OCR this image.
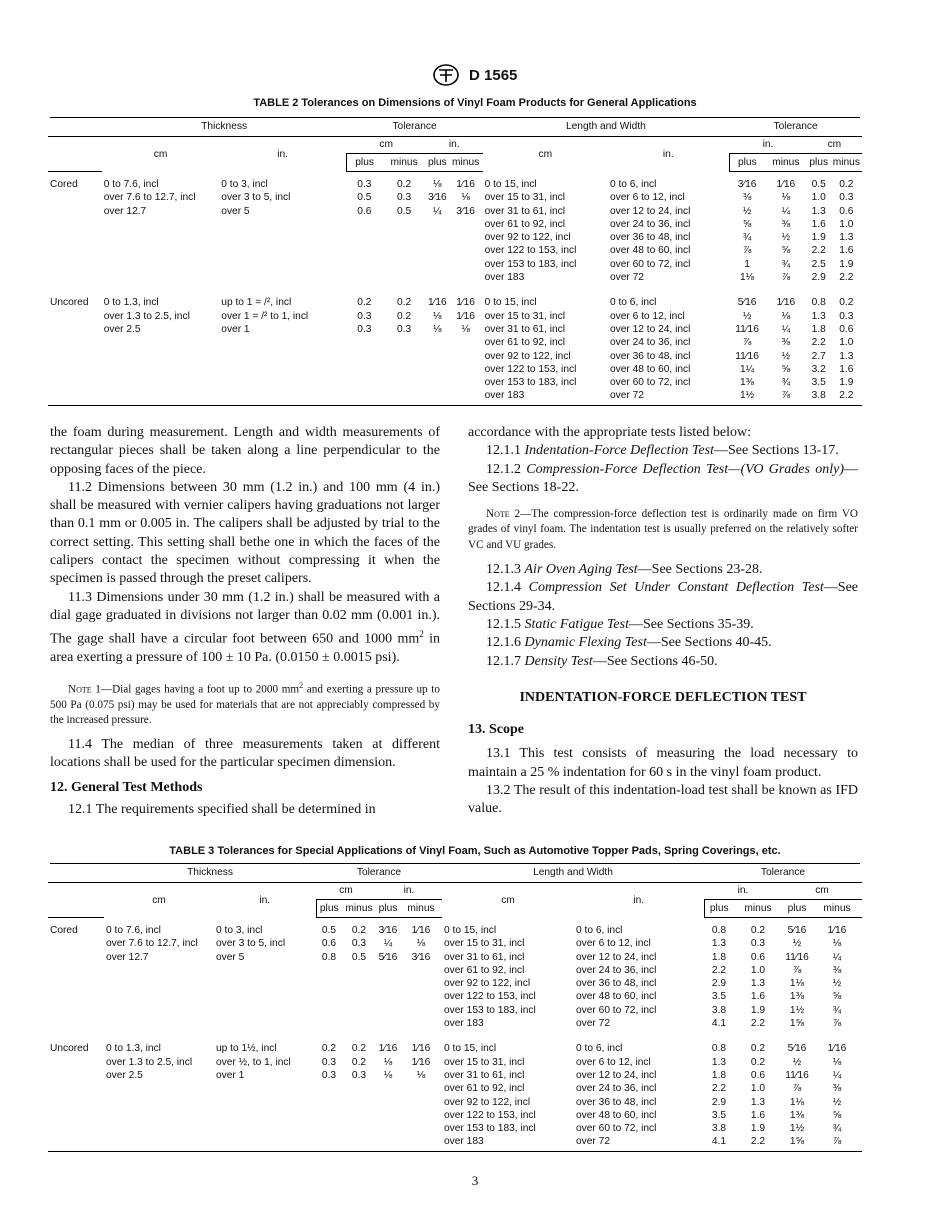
D 1565
TABLE 2 Tolerances on Dimensions of Vinyl Foam Products for General Applications
	Thickness		Tolerance				Length and Width		Tolerance			
	cm	in.	cm		in.		cm	in.	in.		cm	
			plus	minus	plus	minus			plus	minus	plus	minus
Cored	0 to 7.6, incl	0 to 3, incl	0.3	0.2	⅛	1⁄16	0 to 15, incl	0 to 6, incl	3⁄16	1⁄16	0.5	0.2
	over 7.6 to 12.7, incl	over 3 to 5, incl	0.5	0.3	3⁄16	⅛	over 15 to 31, incl	over 6 to 12, incl	⅜	⅛	1.0	0.3
	over 12.7	over 5	0.6	0.5	¼	3⁄16	over 31 to 61, incl	over 12 to 24, incl	½	¼	1.3	0.6
							over 61 to 92, incl	over 24 to 36, incl	⅝	⅜	1.6	1.0
							over 92 to 122, incl	over 36 to 48, incl	¾	½	1.9	1.3
							over 122 to 153, incl	over 48 to 60, incl	⅞	⅝	2.2	1.6
							over 153 to 183, incl	over 60 to 72, incl	1	¾	2.5	1.9
							over 183	over 72	1⅛	⅞	2.9	2.2
Uncored	0 to 1.3, incl	up to 1 = /², incl	0.2	0.2	1⁄16	1⁄16	0 to 15, incl	0 to 6, incl	5⁄16	1⁄16	0.8	0.2
	over 1.3 to 2.5, incl	over 1 = /² to 1, incl	0.3	0.2	⅛	1⁄16	over 15 to 31, incl	over 6 to 12, incl	½	⅛	1.3	0.3
	over 2.5	over 1	0.3	0.3	⅛	⅛	over 31 to 61, incl	over 12 to 24, incl	11⁄16	¼	1.8	0.6
							over 61 to 92, incl	over 24 to 36, incl	⅞	⅜	2.2	1.0
							over 92 to 122, incl	over 36 to 48, incl	11⁄16	½	2.7	1.3
							over 122 to 153, incl	over 48 to 60, incl	1¼	⅝	3.2	1.6
							over 153 to 183, incl	over 60 to 72, incl	1⅜	¾	3.5	1.9
							over 183	over 72	1½	⅞	3.8	2.2

the foam during measurement. Length and width measurements of rectangular pieces shall be taken along a line perpendicular to the opposing faces of the piece.

11.2 Dimensions between 30 mm (1.2 in.) and 100 mm (4 in.) shall be measured with vernier calipers having graduations not larger than 0.1 mm or 0.005 in. The calipers shall be adjusted by trial to the correct setting. This setting shall bethe one in which the faces of the calipers contact the specimen without compressing it when the specimen is passed through the preset calipers.

11.3 Dimensions under 30 mm (1.2 in.) shall be measured with a dial gage graduated in divisions not larger than 0.02 mm (0.001 in.). The gage shall have a circular foot between 650 and 1000 $mm^2$ in area exerting a pressure of 100 ± 10 Pa. (0.0150 ± 0.0015 psi).

Note 1—Dial gages having a foot up to 2000 $mm^2$ and exerting a pressure up to 500 Pa (0.075 psi) may be used for materials that are not appreciably compressed by the increased pressure.

11.4 The median of three measurements taken at different locations shall be used for the particular specimen dimension.

12. General Test Methods

12.1 The requirements specified shall be determined in

accordance with the appropriate tests listed below:

12.1.1 Indentation-Force Deflection Test—See Sections 13-17.

12.1.2 Compression-Force Deflection Test—(VO Grades only)—See Sections 18-22.

Note 2—The compression-force deflection test is ordinarily made on firm VO grades of vinyl foam. The indentation test is usually preferred on the relatively softer VC and VU grades.

12.1.3 Air Oven Aging Test—See Sections 23-28.

12.1.4 Compression Set Under Constant Deflection Test—See Sections 29-34.

12.1.5 Static Fatigue Test—See Sections 35-39.

12.1.6 Dynamic Flexing Test—See Sections 40-45.

12.1.7 Density Test—See Sections 46-50.

INDENTATION-FORCE DEFLECTION TEST
13. Scope

13.1 This test consists of measuring the load necessary to maintain a 25 % indentation for 60 s in the vinyl foam product.

13.2 The result of this indentation-load test shall be known as IFD value.

TABLE 3 Tolerances for Special Applications of Vinyl Foam, Such as Automotive Topper Pads, Spring Coverings, etc.
	Thickness		Tolerance				Length and Width		Tolerance			
	cm	in.	cm		in.		cm	in.	in.		cm	
			plus	minus	plus	minus			plus	minus	plus	minus
Cored	0 to 7.6, incl	0 to 3, incl	0.5	0.2	3⁄16	1⁄16	0 to 15, incl	0 to 6, incl	0.8	0.2	5⁄16	1⁄16
	over 7.6 to 12.7, incl	over 3 to 5, incl	0.6	0.3	¼	⅛	over 15 to 31, incl	over 6 to 12, incl	1.3	0.3	½	⅛
	over 12.7	over 5	0.8	0.5	5⁄16	3⁄16	over 31 to 61, incl	over 12 to 24, incl	1.8	0.6	11⁄16	¼
							over 61 to 92, incl	over 24 to 36, incl	2.2	1.0	⅞	⅜
							over 92 to 122, incl	over 36 to 48, incl	2.9	1.3	1⅛	½
							over 122 to 153, incl	over 48 to 60, incl	3.5	1.6	1⅜	⅝
							over 153 to 183, incl	over 60 to 72, incl	3.8	1.9	1½	¾
							over 183	over 72	4.1	2.2	1⅝	⅞
Uncored	0 to 1.3, incl	up to 1½, incl	0.2	0.2	1⁄16	1⁄16	0 to 15, incl	0 to 6, incl	0.8	0.2	5⁄16	1⁄16
	over 1.3 to 2.5, incl	over ½, to 1, incl	0.3	0.2	⅛	1⁄16	over 15 to 31, incl	over 6 to 12, incl	1.3	0.2	½	⅛
	over 2.5	over 1	0.3	0.3	⅛	⅛	over 31 to 61, incl	over 12 to 24, incl	1.8	0.6	11⁄16	¼
							over 61 to 92, incl	over 24 to 36, incl	2.2	1.0	⅞	⅜
							over 92 to 122, incl	over 36 to 48, incl	2.9	1.3	1⅛	½
							over 122 to 153, incl	over 48 to 60, incl	3.5	1.6	1⅜	⅝
							over 153 to 183, incl	over 60 to 72, incl	3.8	1.9	1½	¾
							over 183	over 72	4.1	2.2	1⅝	⅞
3
